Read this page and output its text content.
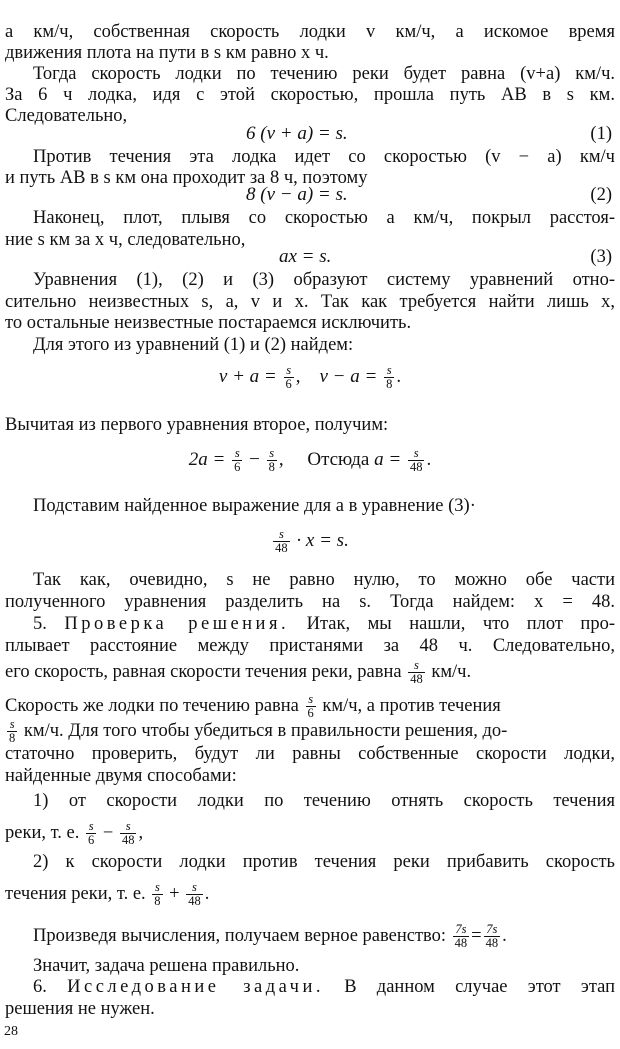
a км/ч, собственная скорость лодки v км/ч, а искомое время
движения плота на пути в s км равно x ч.
Тогда скорость лодки по течению реки будет равна (v+a) км/ч.
За 6 ч лодка, идя с этой скоростью, прошла путь AB в s км.
Следовательно,
6 (v + a) = s.	(1)
Против течения эта лодка идет со скоростью (v − a) км/ч
и путь AB в s км она проходит за 8 ч, поэтому
8 (v − a) = s.	(2)
Наконец, плот, плывя со скоростью a км/ч, покрыл расстоя-
ние s км за x ч, следовательно,
ax = s.	(3)
Уравнения (1), (2) и (3) образуют систему уравнений отно-
сительно неизвестных s, a, v и x. Так как требуется найти лишь x,
то остальные неизвестные постараемся исключить.
Для этого из уравнений (1) и (2) найдем:
$v + a = \frac{s}{6}$ ,    $v - a = \frac{s}{8}$ .
Вычитая из первого уравнения второе, получим:
$2a = \frac{s}{6} - \frac{s}{8}$ ,     Отсюда $a = \frac{s}{48}$ .
Подставим найденное выражение для a в уравнение (3)·
$\frac{s}{48} \cdot x = s$.
Так как, очевидно, s не равно нулю, то можно обе части
полученного уравнения разделить на s. Тогда найдем: x = 48.
5. Проверка решения. Итак, мы нашли, что плот про-
плывает расстояние между пристанями за 48 ч. Следовательно,
его скорость, равная скорости течения реки, равна $\frac{s}{48} км/ч$.
Скорость же лодки по течению равна $\frac{s}{6} км/ч$, а против течения
$\frac{s}{8} км/ч$. Для того чтобы убедиться в правильности решения, до-
статочно проверить, будут ли равны собственные скорости лодки,
найденные двумя способами:
1) от скорости лодки по течению отнять скорость течения
реки, т. е. $\frac{s}{6} - \frac{s}{48}$ ,
2) к скорости лодки против течения реки прибавить скорость
течения реки, т. е. $\frac{s}{8} + \frac{s}{48}$ .
Произведя вычисления, получаем верное равенство: $\frac{7s}{48} = \frac{7s}{48}$ .
Значит, задача решена правильно.
6. Исследование задачи. В данном случае этот этап
решения не нужен.
28
